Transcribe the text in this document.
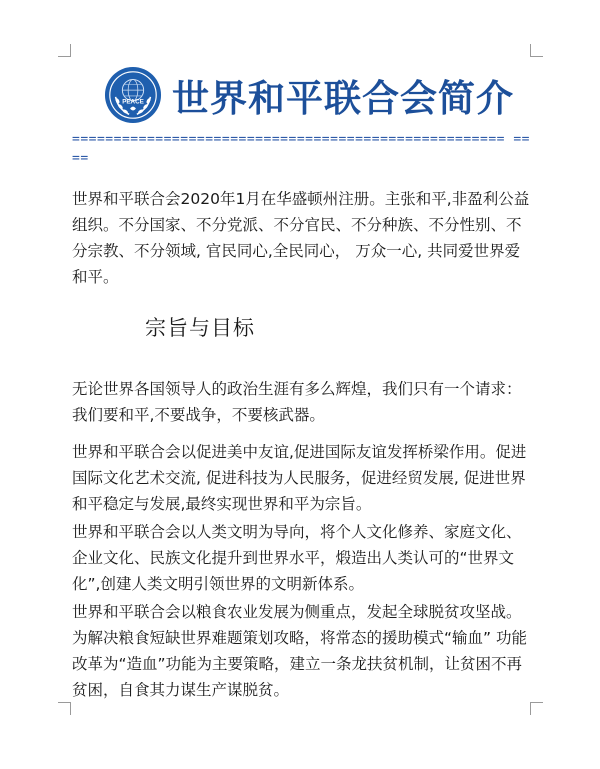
PEACE 世界和平联合会简介
==================================================== ====

世界和平联合会2020年1月在华盛顿州注册。主张和平,非盈利公益组织。不分国家、不分党派、不分官民、不分种族、不分性别、不分宗教、不分领域, 官民同心,全民同心， 万众一心, 共同爱世界爱和平。

宗旨与目标

无论世界各国领导人的政治生涯有多么辉煌，我们只有一个请求：我们要和平,不要战争，不要核武器。

世界和平联合会以促进美中友谊,促进国际友谊发挥桥梁作用。促进国际文化艺术交流, 促进科技为人民服务，促进经贸发展, 促进世界和平稳定与发展,最终实现世界和平为宗旨。

世界和平联合会以人类文明为导向，将个人文化修养、家庭文化、企业文化、民族文化提升到世界水平，煅造出人类认可的“世界文化”,创建人类文明引领世界的文明新体系。

世界和平联合会以粮食农业发展为侧重点，发起全球脱贫攻坚战。为解决粮食短缺世界难题策划攻略，将常态的援助模式“输血” 功能改革为“造血”功能为主要策略，建立一条龙扶贫机制，让贫困不再贫困，自食其力谋生产谋脱贫。
